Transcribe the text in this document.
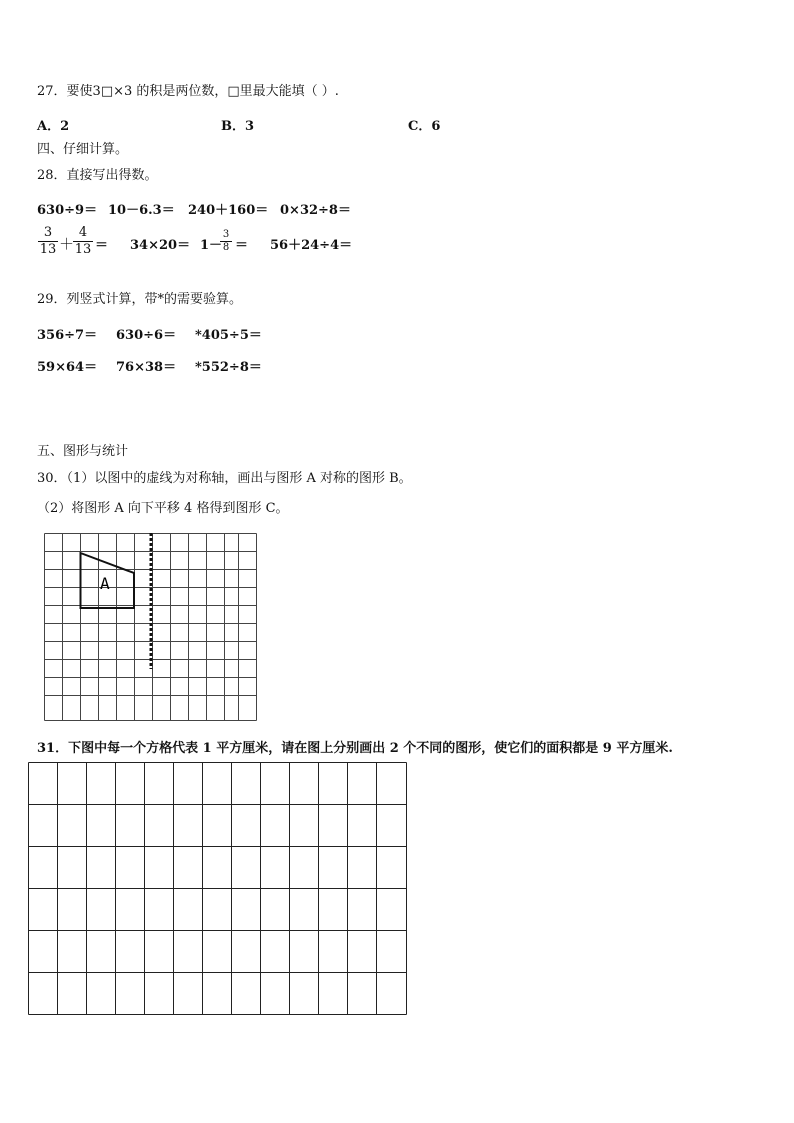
27．要使3□×3 的积是两位数，□里最大能填（ ）.
A．2	B．3	C．6
四、仔细计算。
28．直接写出得数。
630÷9＝ 10－6.3＝ 240＋160＝ 0×32÷8＝
$\frac{3}{13}$ ＋
$\frac{4}{13} = 34\times 20= 1-$
$\frac{3}{8} = 56+24\div 4=$
29．列竖式计算，带*的需要验算。
356÷7＝ 630÷6＝ *405÷5＝
59×64＝ 76×38＝ *552÷8＝
五、图形与统计
30．（1）以图中的虚线为对称轴，画出与图形 A 对称的图形 B。
（2）将图形 A 向下平移 4 格得到图形 C。
A
31．下图中每一个方格代表 1 平方厘米，请在图上分别画出 2 个不同的图形，使它们的面积都是 9 平方厘米.
